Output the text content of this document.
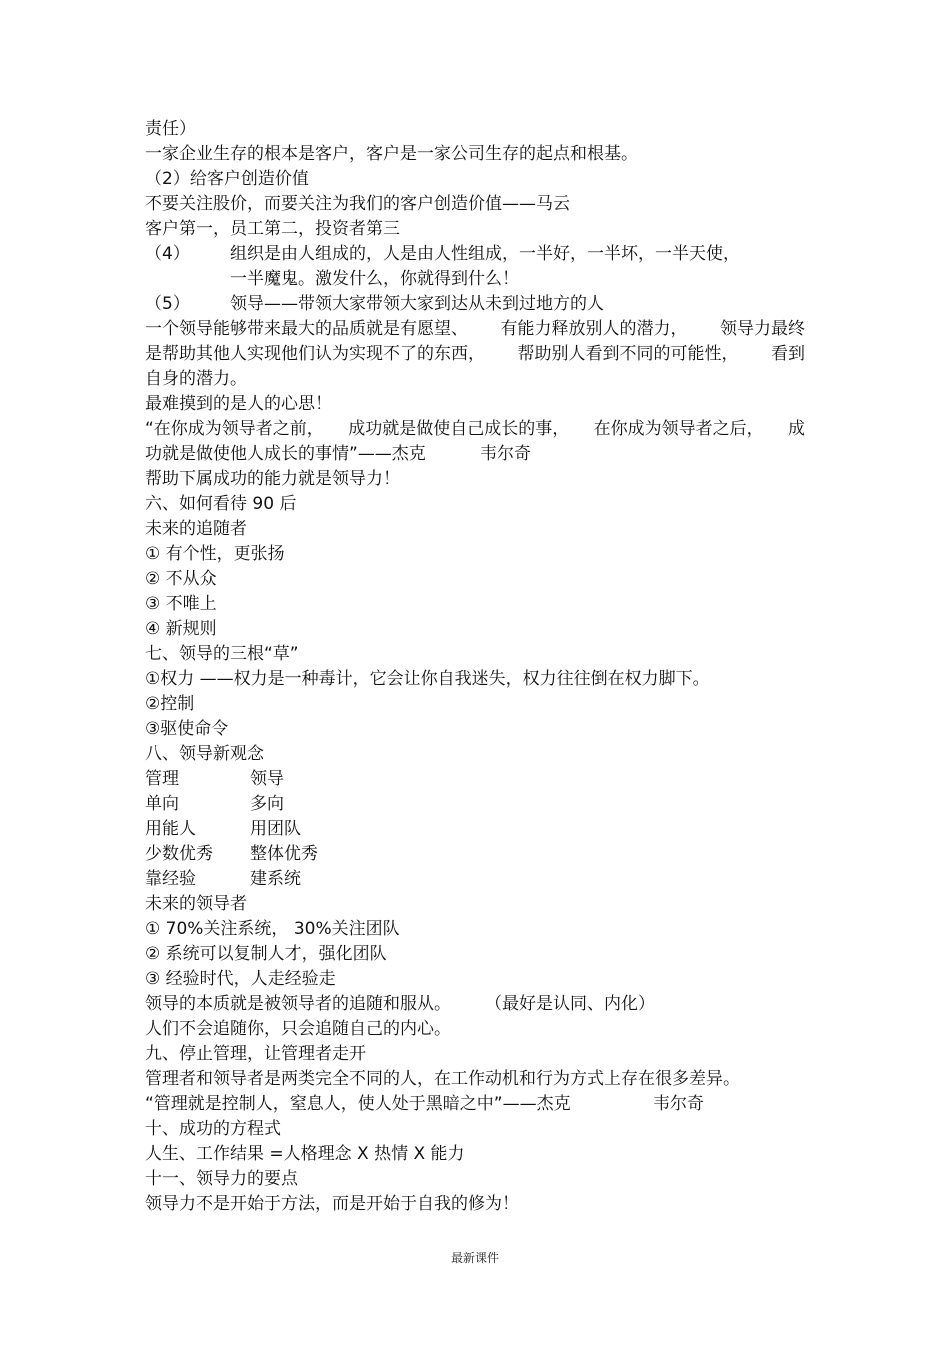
责任）
一家企业生存的根本是客户，客户是一家公司生存的起点和根基。
（2）给客户创造价值
不要关注股价，而要关注为我们的客户创造价值——马云
客户第一，员工第二，投资者第三
（4） 组织是由人组成的，人是由人性组成，一半好，一半坏，一半天使，
一半魔鬼。激发什么，你就得到什么！
（5） 领导——带领大家带领大家到达从未到过地方的人
一个领导能够带来最大的品质就是有愿望、 有能力释放别人的潜力， 领导力最终
是帮助其他人实现他们认为实现不了的东西， 帮助别人看到不同的可能性， 看到
自身的潜力。
最难摸到的是人的心思！
“在你成为领导者之前， 成功就是做使自己成长的事， 在你成为领导者之后， 成
功就是做使他人成长的事情”——杰克	韦尔奇
帮助下属成功的能力就是领导力！
六、如何看待 90 后
未来的追随者
① 有个性，更张扬
② 不从众
③ 不唯上
④ 新规则
七、领导的三根“草”
①权力 ——权力是一种毒计，它会让你自我迷失，权力往往倒在权力脚下。
②控制
③驱使命令
八、领导新观念
管理	领导
单向	多向
用能人	用团队
少数优秀 整体优秀
靠经验	建系统
未来的领导者
① 70%关注系统， 30%关注团队
② 系统可以复制人才，强化团队
③ 经验时代，人走经验走
领导的本质就是被领导者的追随和服从。 （最好是认同、内化）
人们不会追随你，只会追随自己的内心。
九、停止管理，让管理者走开
管理者和领导者是两类完全不同的人，在工作动机和行为方式上存在很多差异。
“管理就是控制人，窒息人，使人处于黑暗之中”——杰克	韦尔奇
十、成功的方程式
人生、工作结果 =人格理念 X 热情 X 能力
十一、领导力的要点
领导力不是开始于方法，而是开始于自我的修为！
最新课件
